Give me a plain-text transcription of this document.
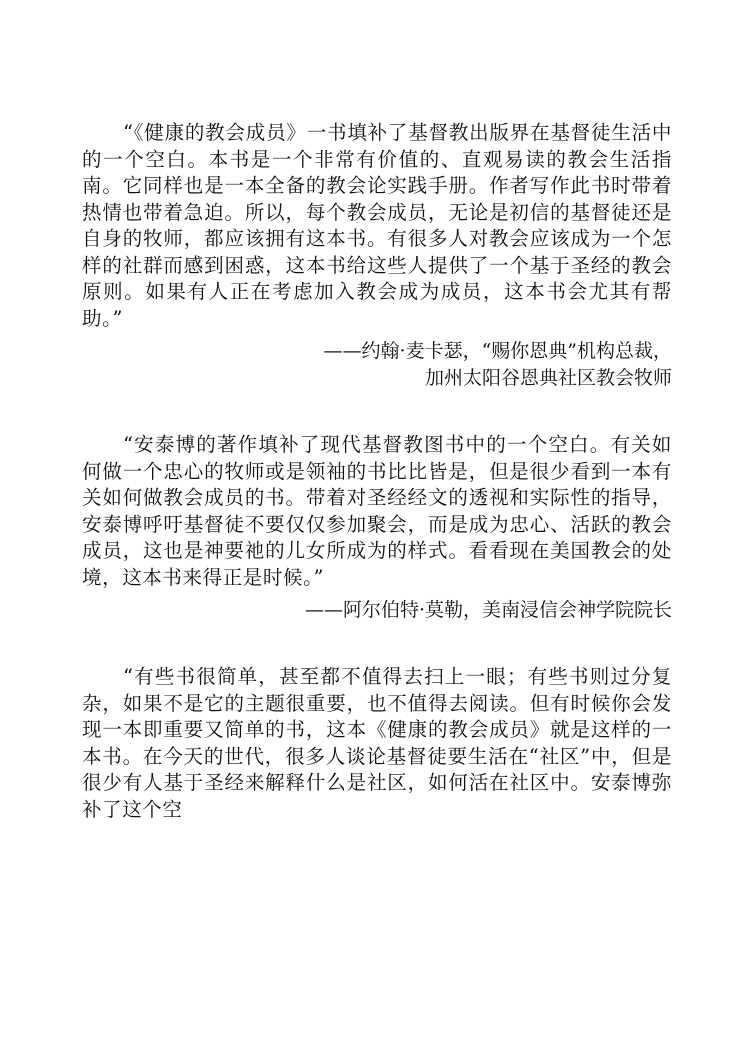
“《健康的教会成员》一书填补了基督教出版界在基督徒生活中的一个空白。本书是一个非常有价值的、直观易读的教会生活指南。它同样也是一本全备的教会论实践手册。作者写作此书时带着热情也带着急迫。所以，每个教会成员，无论是初信的基督徒还是自身的牧师，都应该拥有这本书。有很多人对教会应该成为一个怎样的社群而感到困惑，这本书给这些人提供了一个基于圣经的教会原则。如果有人正在考虑加入教会成为成员，这本书会尤其有帮助。”

——约翰·麦卡瑟，“赐你恩典”机构总裁，
加州太阳谷恩典社区教会牧师

“安泰博的著作填补了现代基督教图书中的一个空白。有关如何做一个忠心的牧师或是领袖的书比比皆是，但是很少看到一本有关如何做教会成员的书。带着对圣经经文的透视和实际性的指导，安泰博呼吁基督徒不要仅仅参加聚会，而是成为忠心、活跃的教会成员，这也是神要祂的儿女所成为的样式。看看现在美国教会的处境，这本书来得正是时候。”

——阿尔伯特·莫勒，美南浸信会神学院院长

“有些书很简单，甚至都不值得去扫上一眼；有些书则过分复杂，如果不是它的主题很重要，也不值得去阅读。但有时候你会发现一本即重要又简单的书，这本《健康的教会成员》就是这样的一本书。在今天的世代，很多人谈论基督徒要生活在“社区”中，但是很少有人基于圣经来解释什么是社区，如何活在社区中。安泰博弥补了这个空
